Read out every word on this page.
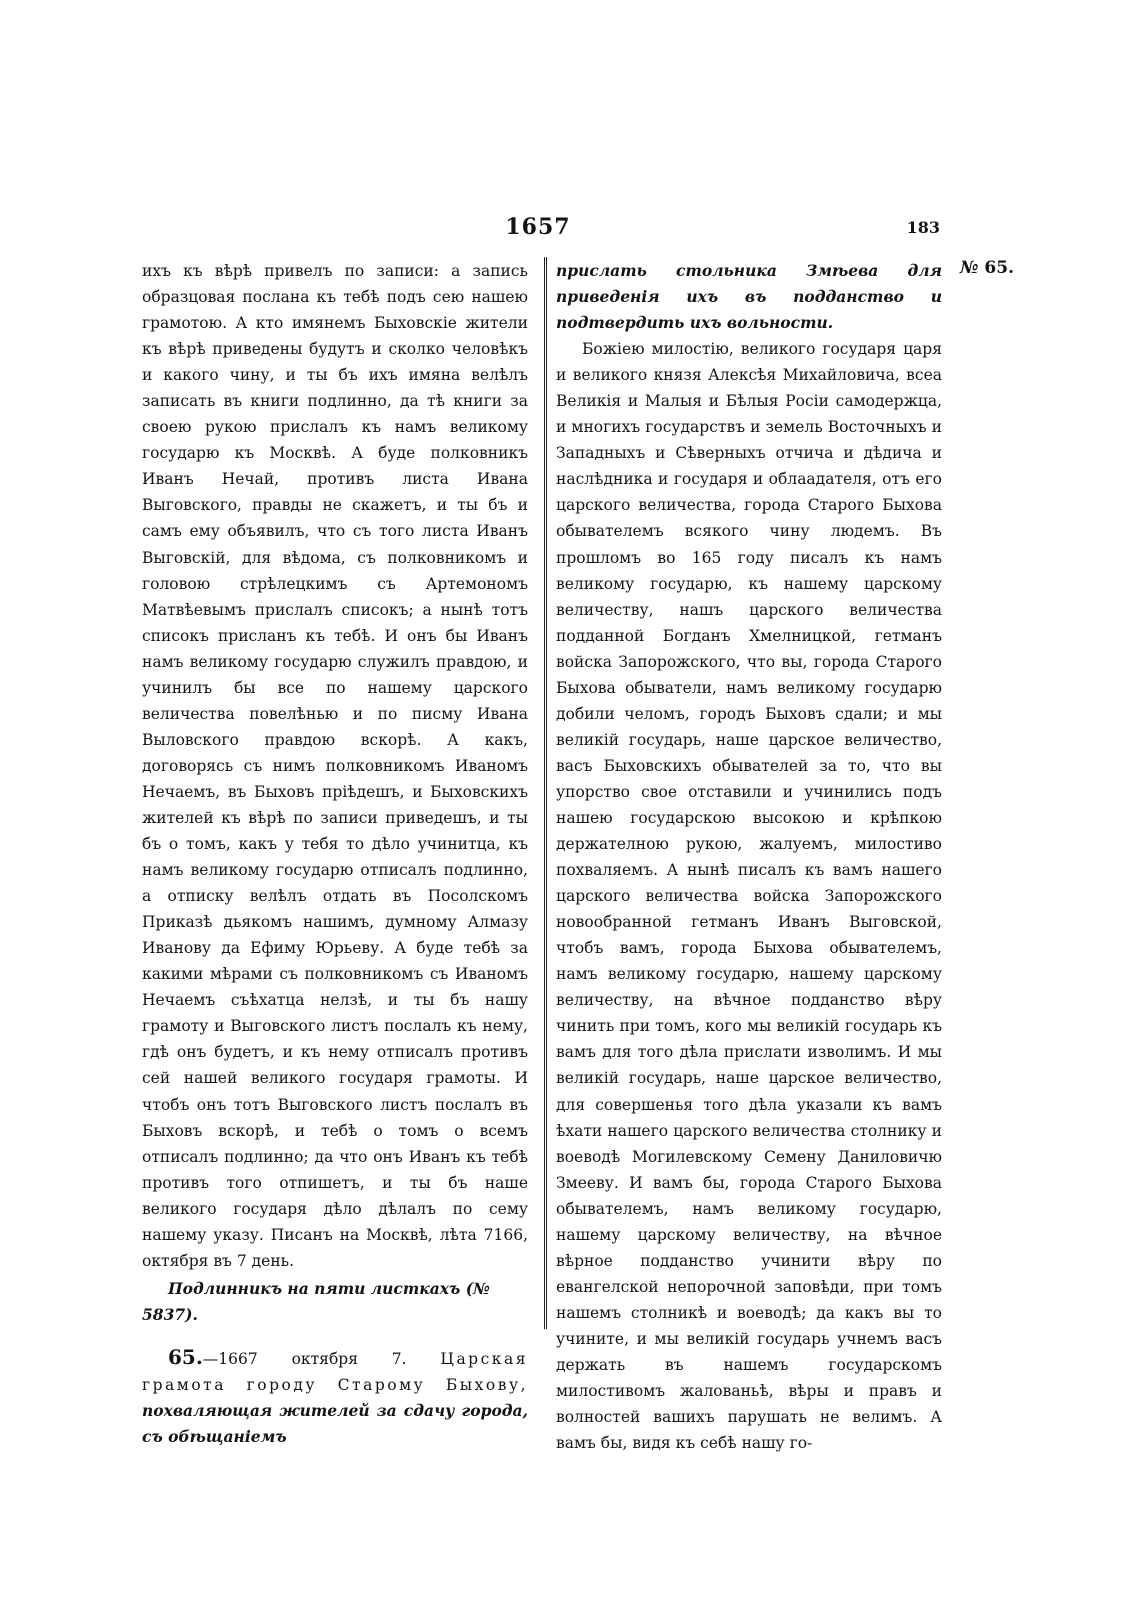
1657	183

ихъ къ вѣрѣ привелъ по записи: а запись образцовая послана къ тебѣ подъ сею нашею грамотою. А кто имянемъ Быховскіе жители къ вѣрѣ приведены будутъ и сколко человѣкъ и какого чину, и ты бъ ихъ имяна велѣлъ записать въ книги подлинно, да тѣ книги за своею рукою прислалъ къ намъ великому государю къ Москвѣ. А буде полковникъ Иванъ Нечай, противъ листа Ивана Выговского, правды не скажетъ, и ты бъ и самъ ему объявилъ, что съ того листа Иванъ Выговскій, для вѣдома, съ полковникомъ и головою стрѣлецкимъ съ Артемономъ Матвѣевымъ прислалъ списокъ; а нынѣ тотъ списокъ присланъ къ тебѣ. И онъ бы Иванъ намъ великому государю служилъ правдою, и учинилъ бы все по нашему царского величества повелѣнью и по писму Ивана Выловского правдою вскорѣ. А какъ, договорясь съ нимъ полковникомъ Иваномъ Нечаемъ, въ Быховъ пріѣдешъ, и Быховскихъ жителей къ вѣрѣ по записи приведешъ, и ты бъ о томъ, какъ у тебя то дѣло учинитца, къ намъ великому государю отписалъ подлинно, а отписку велѣлъ отдать въ Посолскомъ Приказѣ дьякомъ нашимъ, думному Алмазу Иванову да Ефиму Юрьеву. А буде тебѣ за какими мѣрами съ полковникомъ съ Иваномъ Нечаемъ съѣхатца нелзѣ, и ты бъ нашу грамоту и Выговского листъ послалъ къ нему, гдѣ онъ будетъ, и къ нему отписалъ противъ сей нашей великого государя грамоты. И чтобъ онъ тотъ Выговского листъ послалъ въ Быховъ вскорѣ, и тебѣ о томъ о всемъ отписалъ подлинно; да что онъ Иванъ къ тебѣ противъ того отпишетъ, и ты бъ наше великого государя дѣло дѣлалъ по сему нашему указу. Писанъ на Москвѣ, лѣта 7166, октября въ 7 день.

Подлинникъ на пяти листкахъ (№ 5837).

65.—1667 октября 7. Царская грамота городу Старому Быхову, похваляющая жителей за сдачу города, съ обѣщаніемъ

прислать стольника Змѣева для приведенія ихъ въ подданство и подтвердить ихъ вольности.

Божіею милостію, великого государя царя и великого князя Алексѣя Михайловича, всеа Великія и Малыя и Бѣлыя Росіи самодержца, и многихъ государствъ и земель Восточныхъ и Западныхъ и Сѣверныхъ отчича и дѣдича и наслѣдника и государя и облаадателя, отъ его царского величества, города Старого Быхова обывателемъ всякого чину людемъ. Въ прошломъ во 165 году писалъ къ намъ великому государю, къ нашему царскому величеству, нашъ царского величества подданной Богданъ Хмелницкой, гетманъ войска Запорожского, что вы, города Старого Быхова обыватели, намъ великому государю добили челомъ, городъ Быховъ сдали; и мы великій государь, наше царское величество, васъ Быховскихъ обывателей за то, что вы упорство свое отставили и учинились подъ нашею государскою высокою и крѣпкою держателною рукою, жалуемъ, милостиво похваляемъ. А нынѣ писалъ къ вамъ нашего царского величества войска Запорожского новообранной гетманъ Иванъ Выговской, чтобъ вамъ, города Быхова обывателемъ, намъ великому государю, нашему царскому величеству, на вѣчное подданство вѣру чинить при томъ, кого мы великій государь къ вамъ для того дѣла прислати изволимъ. И мы великій государь, наше царское величество, для совершенья того дѣла указали къ вамъ ѣхати нашего царского величества столнику и воеводѣ Могилевскому Семену Даниловичю Змееву. И вамъ бы, города Старого Быхова обывателемъ, намъ великому государю, нашему царскому величеству, на вѣчное вѣрное подданство учинити вѣру по евангелской непорочной заповѣди, при томъ нашемъ столникѣ и воеводѣ; да какъ вы то учините, и мы великій государь учнемъ васъ держать въ нашемъ государскомъ милостивомъ жалованьѣ, вѣры и правъ и волностей вашихъ парушать не велимъ. А вамъ бы, видя къ себѣ нашу го-

№ 65.
